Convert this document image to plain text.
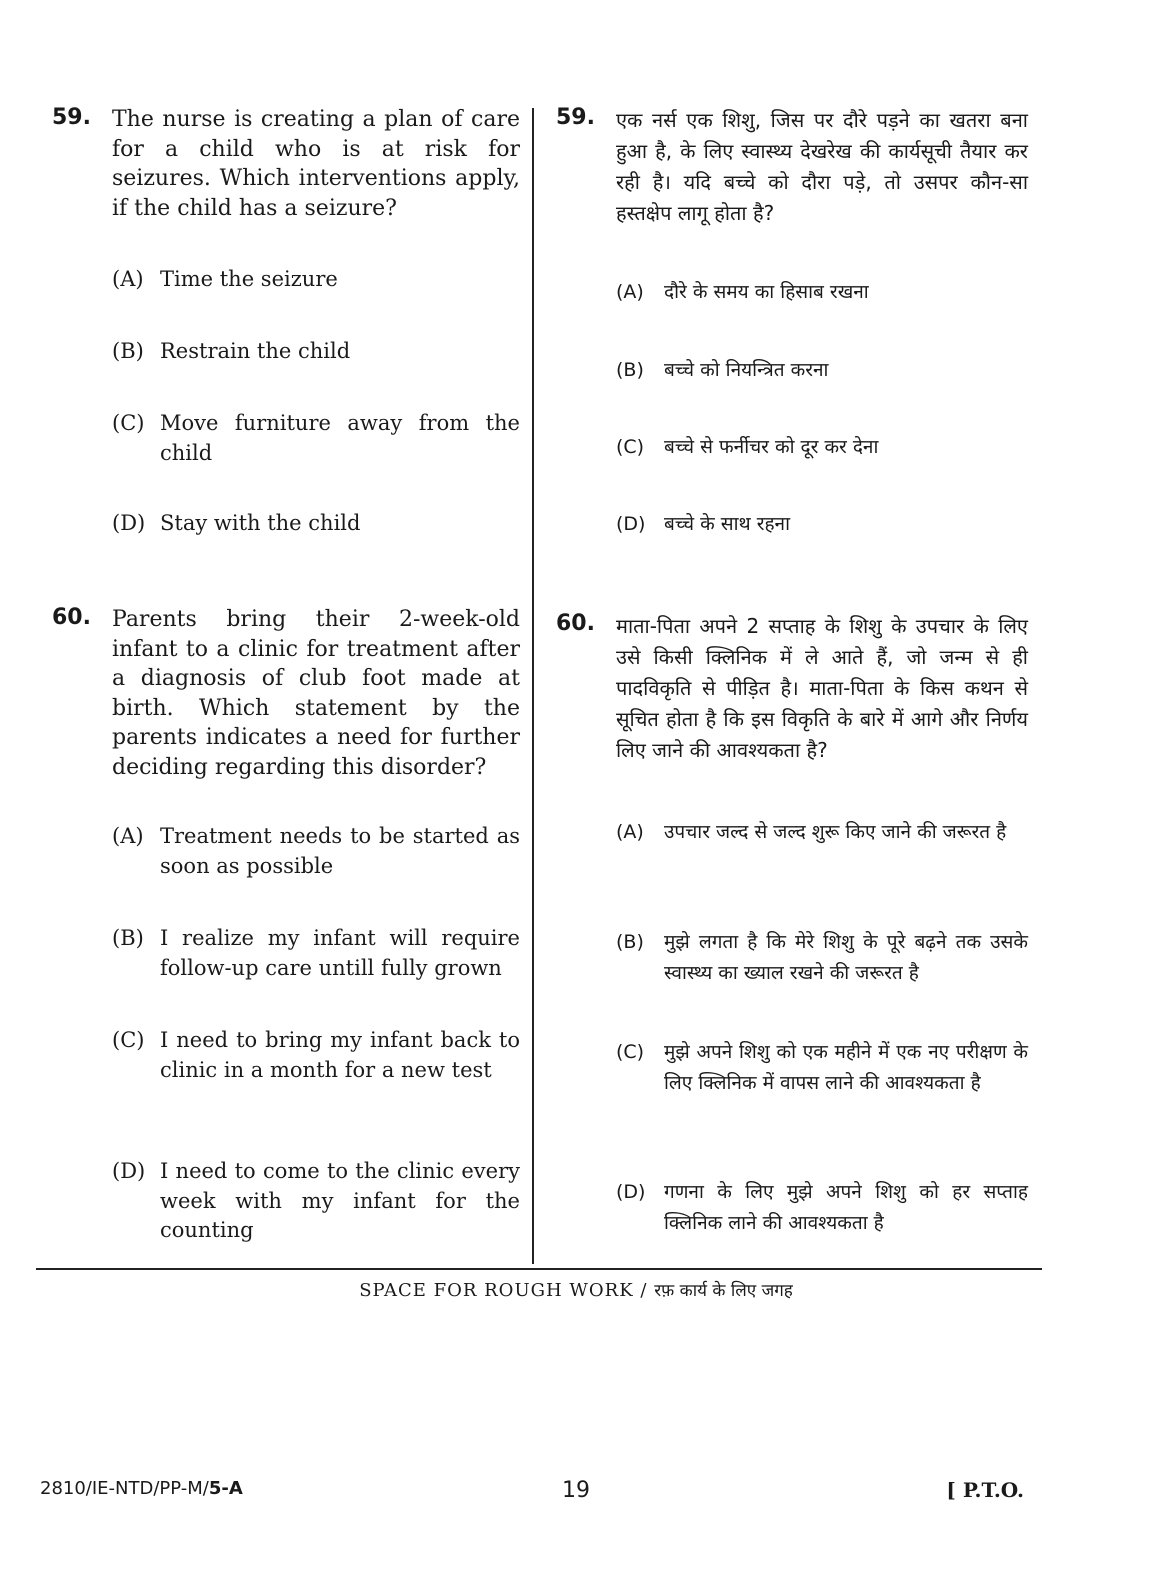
59. The nurse is creating a plan of care for a child who is at risk for seizures. Which interventions apply, if the child has a seizure?
(A) Time the seizure
(B) Restrain the child
(C) Move furniture away from the child
(D) Stay with the child
60. Parents bring their 2-week-old infant to a clinic for treatment after a diagnosis of club foot made at birth. Which statement by the parents indicates a need for further deciding regarding this disorder?
(A) Treatment needs to be started as soon as possible
(B) I realize my infant will require follow-up care untill fully grown
(C) I need to bring my infant back to clinic in a month for a new test
(D) I need to come to the clinic every week with my infant for the counting
59. एक नर्स एक शिशु, जिस पर दौरे पड़ने का खतरा बना हुआ है, के लिए स्वास्थ्य देखरेख की कार्यसूची तैयार कर रही है। यदि बच्चे को दौरा पड़े, तो उसपर कौन-सा हस्तक्षेप लागू होता है?
(A) दौरे के समय का हिसाब रखना
(B) बच्चे को नियन्त्रित करना
(C) बच्चे से फर्नीचर को दूर कर देना
(D) बच्चे के साथ रहना
60. माता-पिता अपने 2 सप्ताह के शिशु के उपचार के लिए उसे किसी क्लिनिक में ले आते हैं, जो जन्म से ही पादविकृति से पीड़ित है। माता-पिता के किस कथन से सूचित होता है कि इस विकृति के बारे में आगे और निर्णय लिए जाने की आवश्यकता है?
(A) उपचार जल्द से जल्द शुरू किए जाने की जरूरत है
(B) मुझे लगता है कि मेरे शिशु के पूरे बढ़ने तक उसके स्वास्थ्य का ख्याल रखने की जरूरत है
(C) मुझे अपने शिशु को एक महीने में एक नए परीक्षण के लिए क्लिनिक में वापस लाने की आवश्यकता है
(D) गणना के लिए मुझे अपने शिशु को हर सप्ताह क्लिनिक लाने की आवश्यकता है
SPACE FOR ROUGH WORK / रफ़ कार्य के लिए जगह
2810/IE-NTD/PP-M/5-A	19	[ P.T.O.
